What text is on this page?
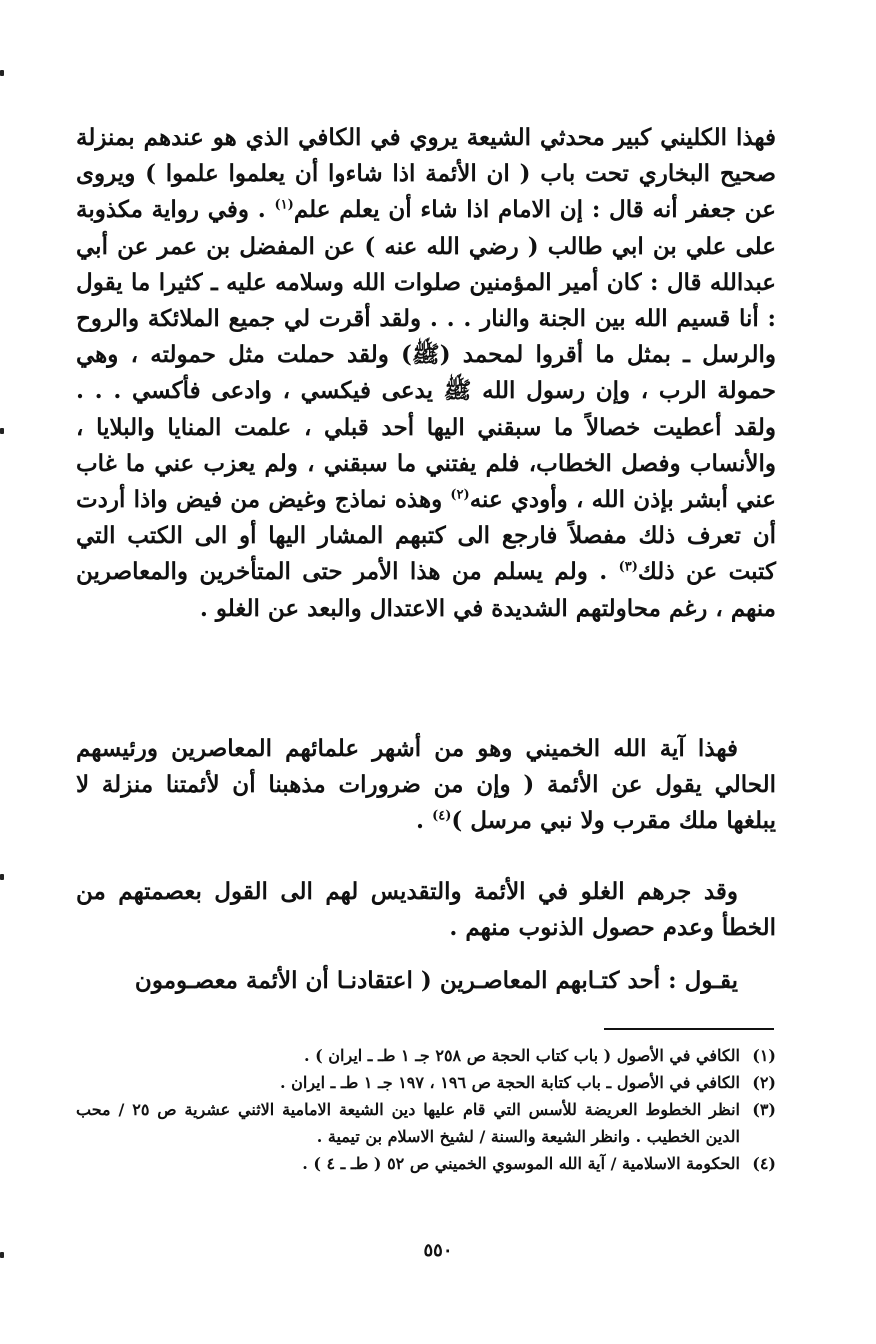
فهذا الكليني كبير محدثي الشيعة يروي في الكافي الذي هو عندهم بمنزلة صحيح البخاري تحت باب ( ان الأئمة اذا شاءوا أن يعلموا علموا ) ويروى عن جعفر أنه قال : إن الامام اذا شاء أن يعلم علم$^{(١)}$ . وفي رواية مكذوبة على علي بن ابي طالب ( رضي الله عنه ) عن المفضل بن عمر عن أبي عبدالله قال : كان أمير المؤمنين صلوات الله وسلامه عليه ـ كثيرا ما يقول : أنا قسيم الله بين الجنة والنار . . . ولقد أقرت لي جميع الملائكة والروح والرسل ـ بمثل ما أقروا لمحمد (ﷺ) ولقد حملت مثل حمولته ، وهي حمولة الرب ، وإن رسول الله ﷺ يدعى فيكسي ، وادعى فأكسي . . . ولقد أعطيت خصالاً ما سبقني اليها أحد قبلي ، علمت المنايا والبلايا ، والأنساب وفصل الخطاب، فلم يفتني ما سبقني ، ولم يعزب عني ما غاب عني أبشر بإذن الله ، وأودي عنه$^{(٢)}$ وهذه نماذج وغيض من فيض واذا أردت أن تعرف ذلك مفصلاً فارجع الى كتبهم المشار اليها أو الى الكتب التي كتبت عن ذلك$^{(٣)}$ . ولم يسلم من هذا الأمر حتى المتأخرين والمعاصرين منهم ، رغم محاولتهم الشديدة في الاعتدال والبعد عن الغلو .

فهذا آية الله الخميني وهو من أشهر علمائهم المعاصرين ورئيسهم الحالي يقول عن الأئمة ( وإن من ضرورات مذهبنا أن لأئمتنا منزلة لا يبلغها ملك مقرب ولا نبي مرسل )$^{(٤)}$ .

وقد جرهم الغلو في الأئمة والتقديس لهم الى القول بعصمتهم من الخطأ وعدم حصول الذنوب منهم .

يقـول : أحد كتـابهم المعاصـرين ( اعتقادنـا أن الأئمة معصـومون

(١)
الكافي في الأصول ( باب كتاب الحجة ص ٢٥٨ جـ ١ طـ ـ ايران ) .
(٢)
الكافي في الأصول ـ باب كتابة الحجة ص ١٩٦ ، ١٩٧ جـ ١ طـ ـ ايران .
(٣)
انظر الخطوط العريضة للأسس التي قام عليها دين الشيعة الامامية الاثني عشرية ص ٢٥ / محب الدين الخطيب . وانظر الشيعة والسنة / لشيخ الاسلام بن تيمية .
(٤)
الحكومة الاسلامية / آية الله الموسوي الخميني ص ٥٢ ( طـ ـ ٤ ) .
٥٥٠
